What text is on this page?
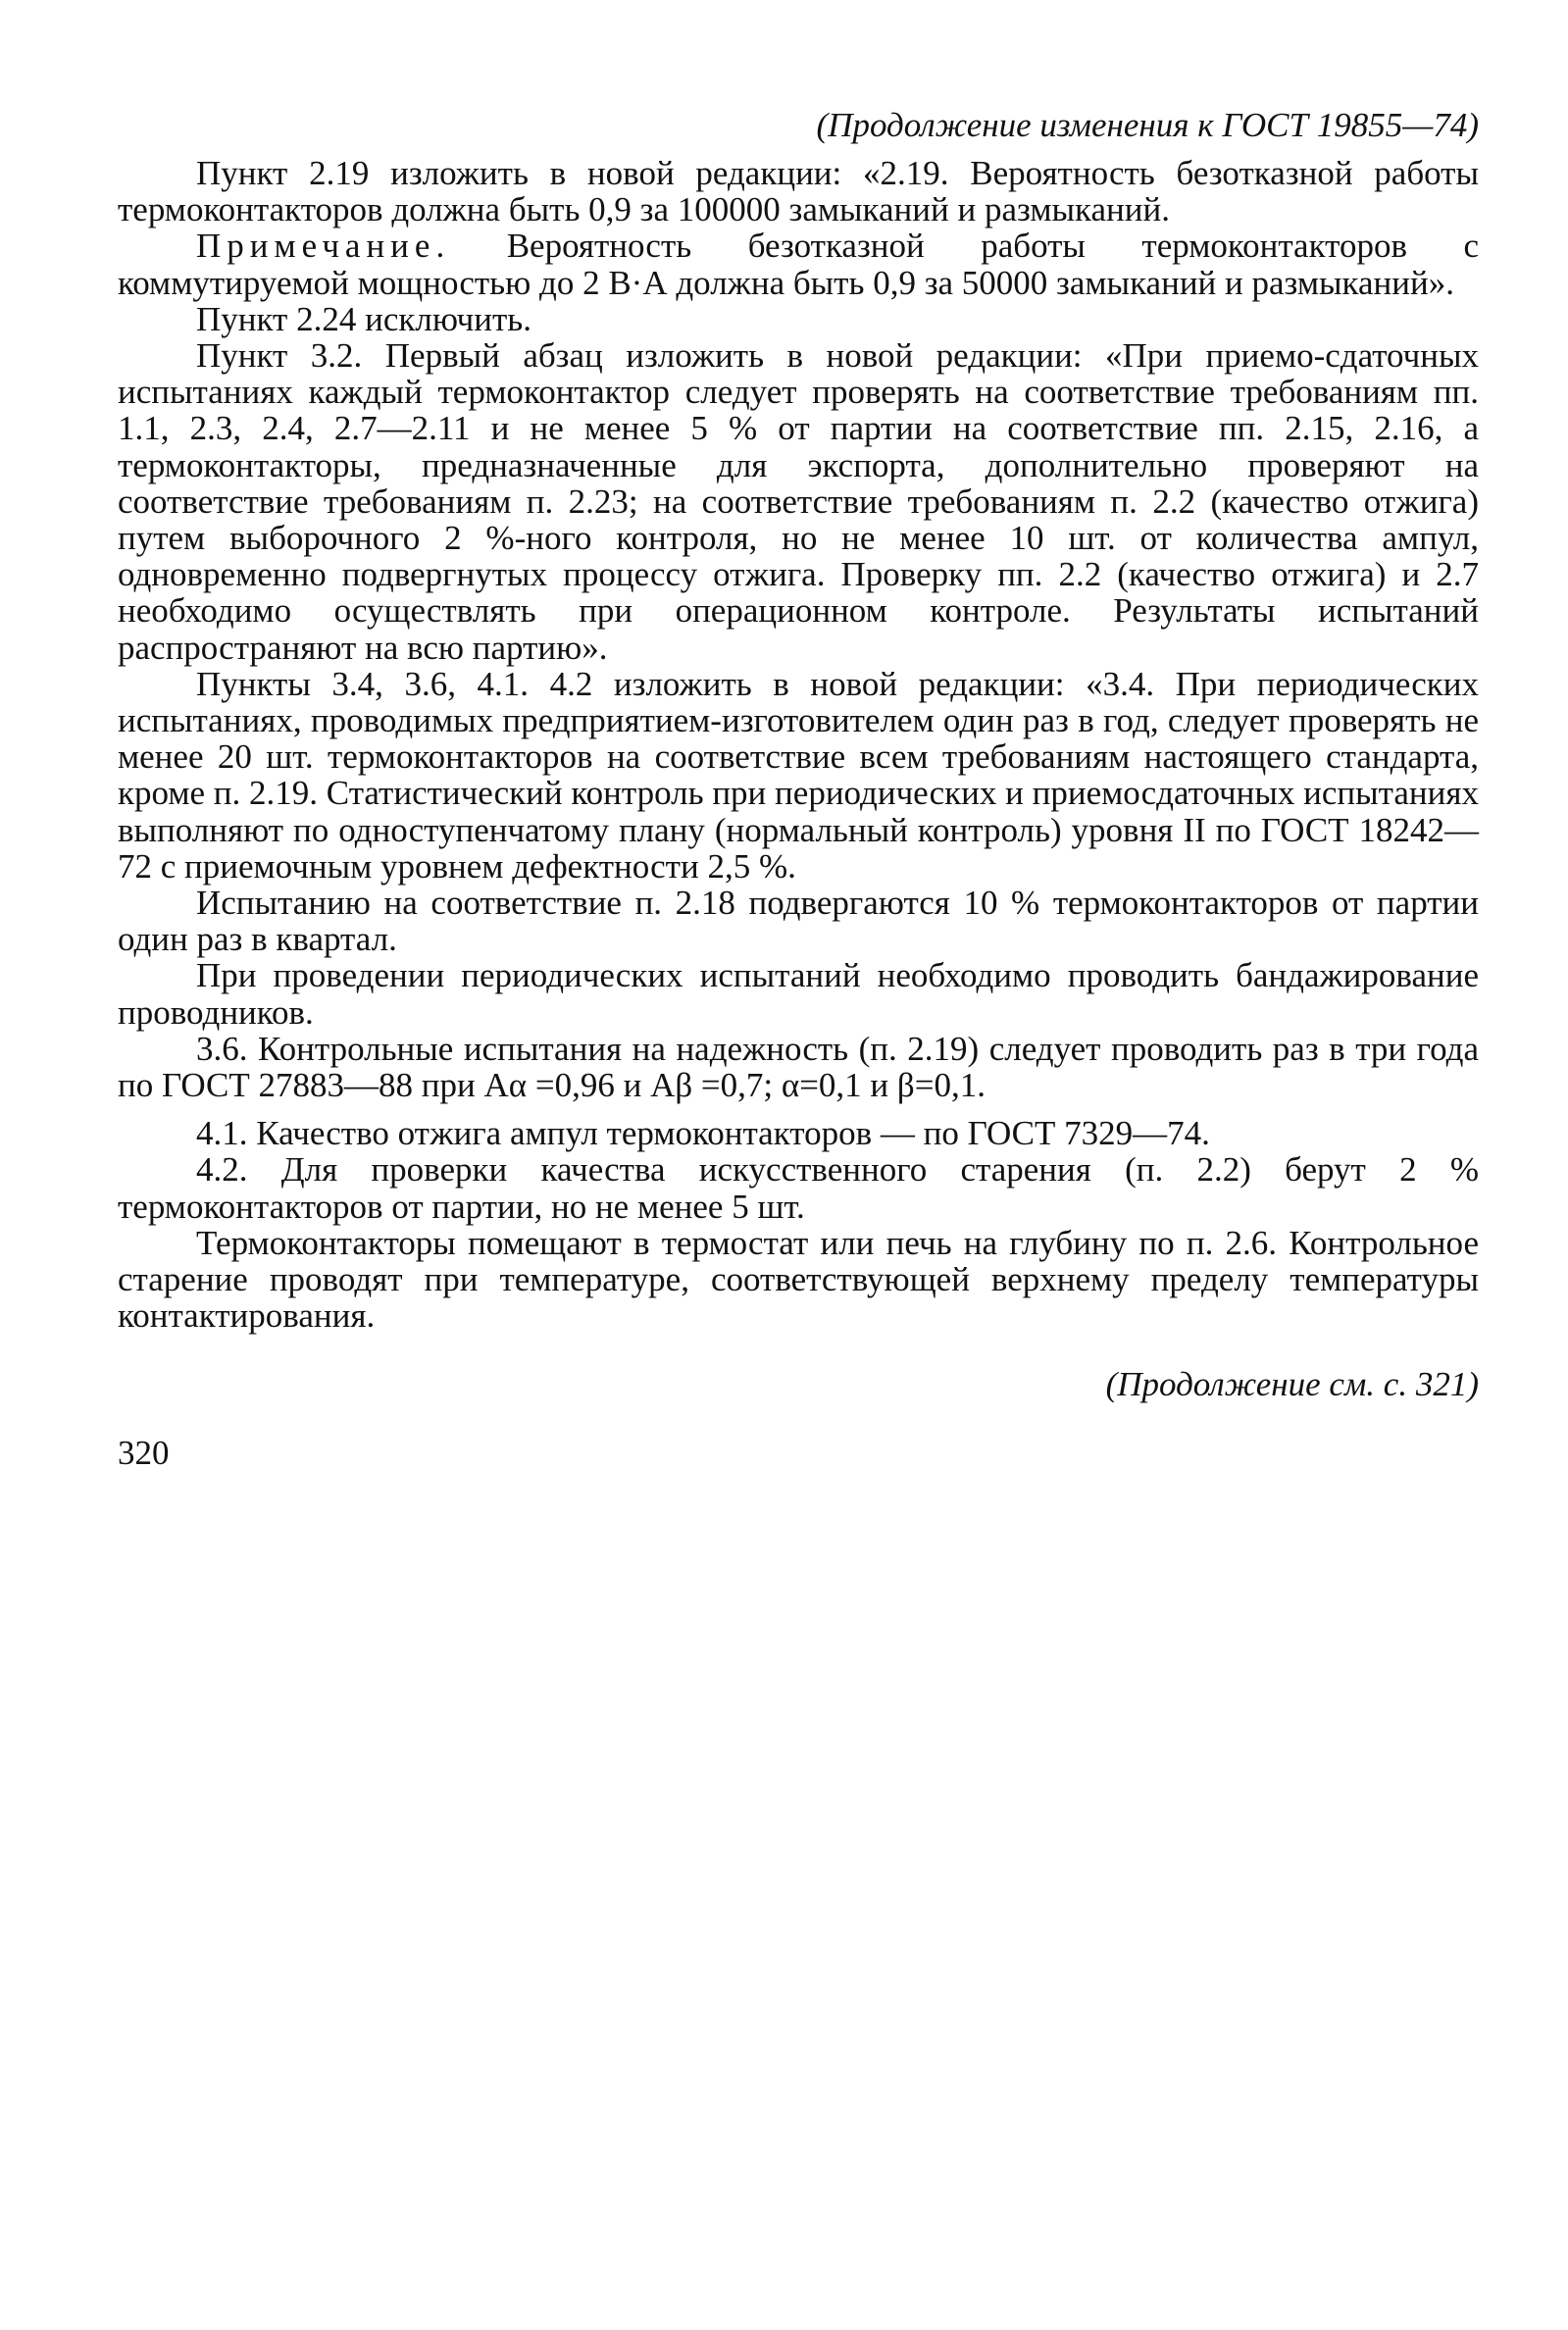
(Продолжение изменения к ГОСТ 19855—74)

Пункт 2.19 изложить в новой редакции: «2.19. Вероятность безотказной работы термоконтакторов должна быть 0,9 за 100000 замыканий и размыканий.

Примечание. Вероятность безотказной работы термоконтакторов с коммутируемой мощностью до 2 В·А должна быть 0,9 за 50000 замыканий и размыканий».

Пункт 2.24 исключить.

Пункт 3.2. Первый абзац изложить в новой редакции: «При приемо-сдаточных испытаниях каждый термоконтактор следует проверять на соответствие требованиям пп. 1.1, 2.3, 2.4, 2.7—2.11 и не менее 5 % от партии на соответствие пп. 2.15, 2.16, а термоконтакторы, предназначенные для экспорта, дополнительно проверяют на соответствие требованиям п. 2.23; на соответствие требованиям п. 2.2 (качество отжига) путем выборочного 2 %-ного контроля, но не менее 10 шт. от количества ампул, одновременно подвергнутых процессу отжига. Проверку пп. 2.2 (качество отжига) и 2.7 необходимо осуществлять при операционном контроле. Результаты испытаний распространяют на всю партию».

Пункты 3.4, 3.6, 4.1. 4.2 изложить в новой редакции: «3.4. При периодических испытаниях, проводимых предприятием-изготовителем один раз в год, следует проверять не менее 20 шт. термоконтакторов на соответствие всем требованиям настоящего стандарта, кроме п. 2.19. Статистический контроль при периодических и приемосдаточных испытаниях выполняют по одноступенчатому плану (нормальный контроль) уровня II по ГОСТ 18242—72 с приемочным уровнем дефектности 2,5 %.

Испытанию на соответствие п. 2.18 подвергаются 10 % термоконтакторов от партии один раз в квартал.

При проведении периодических испытаний необходимо проводить бандажирование проводников.

3.6. Контрольные испытания на надежность (п. 2.19) следует проводить раз в три года по ГОСТ 27883—88 при Aα =0,96 и Aβ =0,7; α=0,1 и β=0,1.

4.1. Качество отжига ампул термоконтакторов — по ГОСТ 7329—74.

4.2. Для проверки качества искусственного старения (п. 2.2) берут 2 % термоконтакторов от партии, но не менее 5 шт.

Термоконтакторы помещают в термостат или печь на глубину по п. 2.6. Контрольное старение проводят при температуре, соответствующей верхнему пределу температуры контактирования.

(Продолжение см. с. 321)
320
